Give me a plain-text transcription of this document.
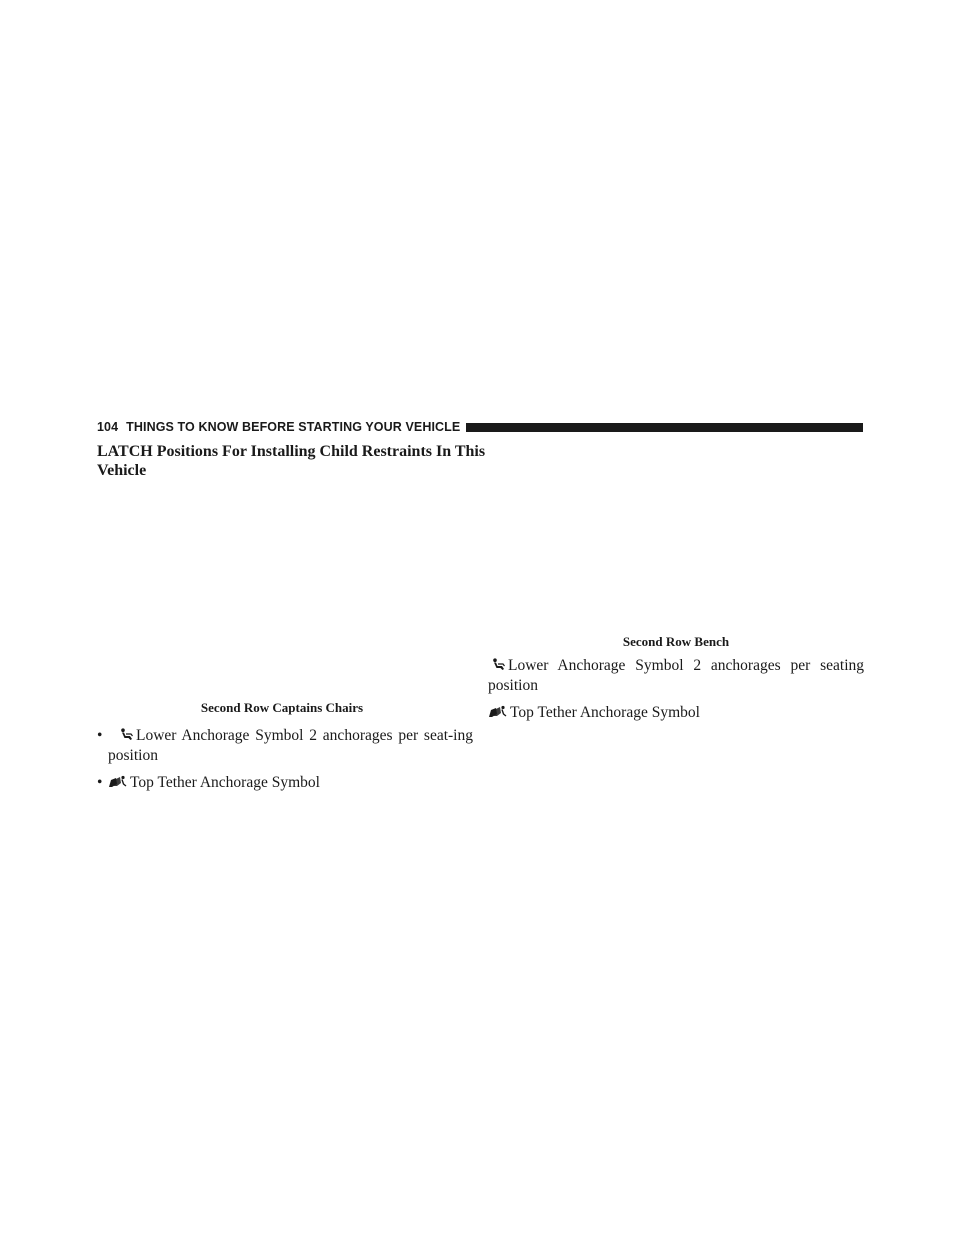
104 THINGS TO KNOW BEFORE STARTING YOUR VEHICLE
LATCH Positions For Installing Child Restraints In This Vehicle

Second Row Captains Chairs

• Lower Anchorage Symbol 2 anchorages per seat-ing position
• Top Tether Anchorage Symbol

Second Row Bench

Lower Anchorage Symbol 2 anchorages per seating position

Top Tether Anchorage Symbol
